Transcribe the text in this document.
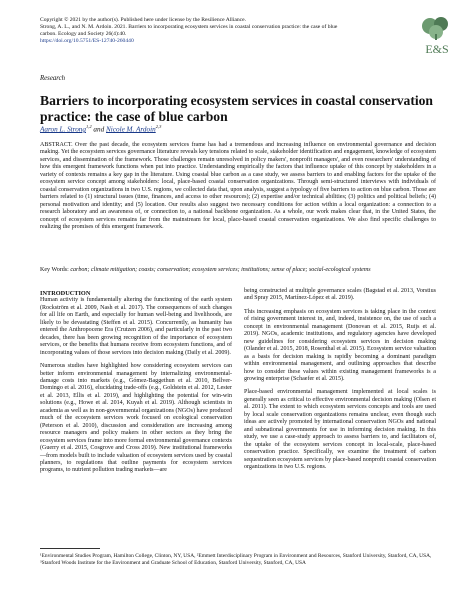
Copyright © 2021 by the author(s). Published here under license by the Resilience Alliance.
Strong, A. L., and N. M. Ardoin. 2021. Barriers to incorporating ecosystem services in coastal conservation practice: the case of blue
carbon. Ecology and Society 26(4):40.
https://doi.org/10.5751/ES-12740-260440
E&S
Research
Barriers to incorporating ecosystem services in coastal conservation practice: the case of blue carbon
Aaron L. Strong$^{1,2}$ and Nicole M. Ardoin$^{2,3}$
ABSTRACT. Over the past decade, the ecosystem services frame has had a tremendous and increasing influence on environmental governance and decision making. Yet the ecosystem services governance literature reveals key tensions related to scale, stakeholder identification and engagement, knowledge of ecosystem services, and dissemination of the framework. Those challenges remain unresolved in policy makers', nonprofit managers', and even researchers' understanding of how this emergent framework functions when put into practice. Understanding empirically the factors that influence uptake of this concept by stakeholders in a variety of contexts remains a key gap in the literature. Using coastal blue carbon as a case study, we assess barriers to and enabling factors for the uptake of the ecosystem service concept among stakeholders: local, place-based coastal conservation organizations. Through semi-structured interviews with individuals of coastal conservation organizations in two U.S. regions, we collected data that, upon analysis, suggest a typology of five barriers to action on blue carbon. Those are barriers related to (1) structural issues (time, finances, and access to other resources); (2) expertise and/or technical abilities; (3) politics and political beliefs; (4) personal motivation and identity; and (5) location. Our results also suggest two necessary conditions for action within a local organization: a connection to a research laboratory and an awareness of, or connection to, a national backbone organization. As a whole, our work makes clear that, in the United States, the concept of ecosystem services remains far from the mainstream for local, place-based coastal conservation organizations. We also find specific challenges to realizing the promises of this emergent framework.
Key Words: carbon; climate mitigation; coasts; conservation; ecosystem services; institutions; sense of place; social-ecological systems
INTRODUCTION

Human activity is fundamentally altering the functioning of the earth system (Rockström et al. 2009, Nash et al. 2017). The consequences of such changes for all life on Earth, and especially for human well-being and livelihoods, are likely to be devastating (Steffen et al. 2015). Concurrently, as humanity has entered the Anthropocene Era (Crutzen 2006), and particularly in the past two decades, there has been growing recognition of the importance of ecosystem services, or the benefits that humans receive from ecosystem functions, and of incorporating values of those services into decision making (Daily et al. 2009).

Numerous studies have highlighted how considering ecosystem services can better inform environmental management by internalizing environmental-damage costs into markets (e.g., Gómez-Baggethun et al. 2010, Bellver-Domingo et al. 2016), elucidating trade-offs (e.g., Goldstein et al. 2012, Lester et al. 2013, Ellis et al. 2019), and highlighting the potential for win-win solutions (e.g., Howe et al. 2014, Kuyah et al. 2019). Although scientists in academia as well as in non-governmental organizations (NGOs) have produced much of the ecosystem services work focused on ecological conservation (Peterson et al. 2010), discussion and consideration are increasing among resource managers and policy makers in other sectors as they bring the ecosystem services frame into more formal environmental governance contexts (Guerry et al. 2015, Cosgrove and Cross 2019). New institutional frameworks—from models built to include valuation of ecosystem services used by coastal planners, to regulations that outline payments for ecosystem services programs, to nutrient pollution trading markets—are

being constructed at multiple governance scales (Bagstad et al. 2013, Vorstius and Spray 2015, Martínez-López et al. 2019).

This increasing emphasis on ecosystem services is taking place in the context of rising government interest in, and, indeed, insistence on, the use of such a concept in environmental management (Donovan et al. 2015, Ruijs et al. 2019). NGOs, academic institutions, and regulatory agencies have developed new guidelines for considering ecosystem services in decision making (Olander et al. 2015, 2018, Rosenthal et al. 2015). Ecosystem service valuation as a basis for decision making is rapidly becoming a dominant paradigm within environmental management, and outlining approaches that describe how to consider these values within existing management frameworks is a growing enterprise (Schaefer et al. 2015).

Place-based environmental management implemented at local scales is generally seen as critical to effective environmental decision making (Olsen et al. 2011). The extent to which ecosystem services concepts and tools are used by local scale conservation organizations remains unclear, even though such ideas are actively promoted by international conservation NGOs and national and subnational governments for use in informing decision making. In this study, we use a case-study approach to assess barriers to, and facilitators of, the uptake of the ecosystem services concept in local-scale, place-based conservation practice. Specifically, we examine the treatment of carbon sequestration ecosystem services by place-based nonprofit coastal conservation organizations in two U.S. regions.

¹Environmental Studies Program, Hamilton College, Clinton, NY, USA, ²Emmett Interdisciplinary Program in Environment and Resources, Stanford University, Stanford, CA, USA, ³Stanford Woods Institute for the Environment and Graduate School of Education, Stanford University, Stanford, CA, USA
